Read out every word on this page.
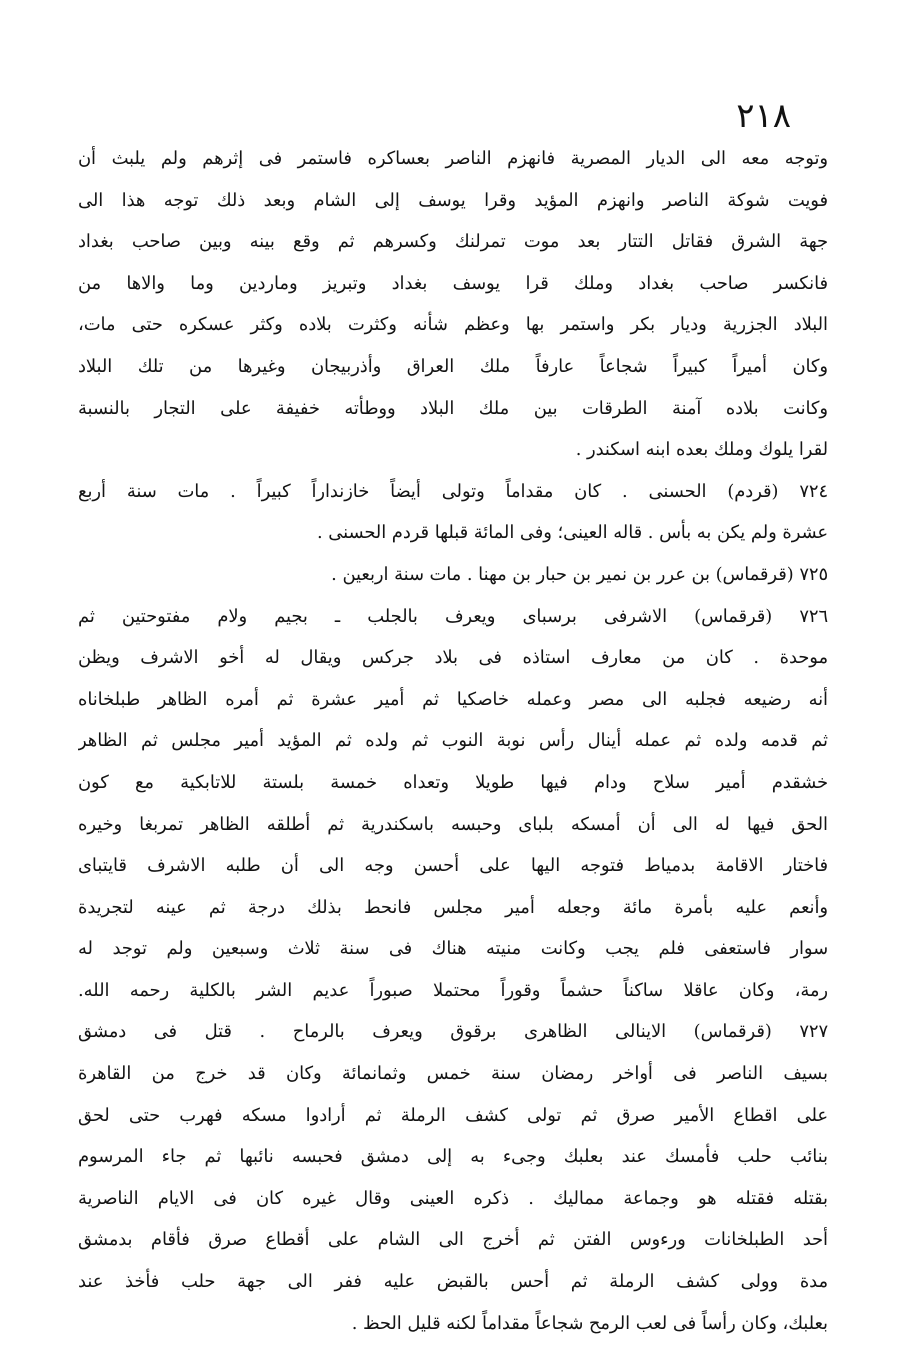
٢١٨
وتوجه معه الى الديار المصرية فانهزم الناصر بعساكره فاستمر فى إثرهم ولم يلبث أن
فويت شوكة الناصر وانهزم المؤيد وقرا يوسف إلى الشام وبعد ذلك توجه هذا الى
جهة الشرق فقاتل التتار بعد موت تمرلنك وكسرهم ثم وقع بينه وبين صاحب بغداد
فانكسر صاحب بغداد وملك قرا يوسف بغداد وتبريز وماردين وما والاها من
البلاد الجزرية وديار بكر واستمر بها وعظم شأنه وكثرت بلاده وكثر عسكره حتى مات،
وكان أميراً كبيراً شجاعاً عارفاً ملك العراق وأذربيجان وغيرها من تلك البلاد
وكانت بلاده آمنة الطرقات بين ملك البلاد ووطأته خفيفة على التجار بالنسبة
لقرا يلوك وملك بعده ابنه اسكندر .
٧٢٤ (قردم) الحسنى . كان مقداماً وتولى أيضاً خازنداراً كبيراً . مات سنة أربع
عشرة ولم يكن به بأس . قاله العينى؛ وفى المائة قبلها قردم الحسنى .
٧٢٥ (قرقماس) بن عرر بن نمير بن حبار بن مهنا . مات سنة اربعين .
٧٢٦ (قرقماس) الاشرفى برسباى ويعرف بالجلب ـ بجيم ولام مفتوحتين ثم
موحدة . كان من معارف استاذه فى بلاد جركس ويقال له أخو الاشرف ويظن
أنه رضيعه فجلبه الى مصر وعمله خاصكيا ثم أمير عشرة ثم أمره الظاهر طبلخاناه
ثم قدمه ولده ثم عمله أينال رأس نوبة النوب ثم ولده ثم المؤيد أمير مجلس ثم الظاهر
خشقدم أمير سلاح ودام فيها طويلا وتعداه خمسة بلستة للاتابكية مع كون
الحق فيها له الى أن أمسكه بلباى وحبسه باسكندرية ثم أطلقه الظاهر تمربغا وخيره
فاختار الاقامة بدمياط فتوجه اليها على أحسن وجه الى أن طلبه الاشرف قايتباى
وأنعم عليه بأمرة مائة وجعله أمير مجلس فانحط بذلك درجة ثم عينه لتجريدة
سوار فاستعفى فلم يجب وكانت منيته هناك فى سنة ثلاث وسبعين ولم توجد له
رمة، وكان عاقلا ساكناً حشماً وقوراً محتملا صبوراً عديم الشر بالكلية رحمه الله.
٧٢٧ (قرقماس) الاينالى الظاهرى برقوق ويعرف بالرماح . قتل فى دمشق
بسيف الناصر فى أواخر رمضان سنة خمس وثمانمائة وكان قد خرج من القاهرة
على اقطاع الأمير صرق ثم تولى كشف الرملة ثم أرادوا مسكه فهرب حتى لحق
بنائب حلب فأمسك عند بعلبك وجىء به إلى دمشق فحبسه نائبها ثم جاء المرسوم
بقتله فقتله هو وجماعة مماليك . ذكره العينى وقال غيره كان فى الايام الناصرية
أحد الطبلخانات ورءوس الفتن ثم أخرج الى الشام على أقطاع صرق فأقام بدمشق
مدة وولى كشف الرملة ثم أحس بالقبض عليه ففر الى جهة حلب فأخذ عند
بعلبك، وكان رأساً فى لعب الرمح شجاعاً مقداماً لكنه قليل الحظ .
